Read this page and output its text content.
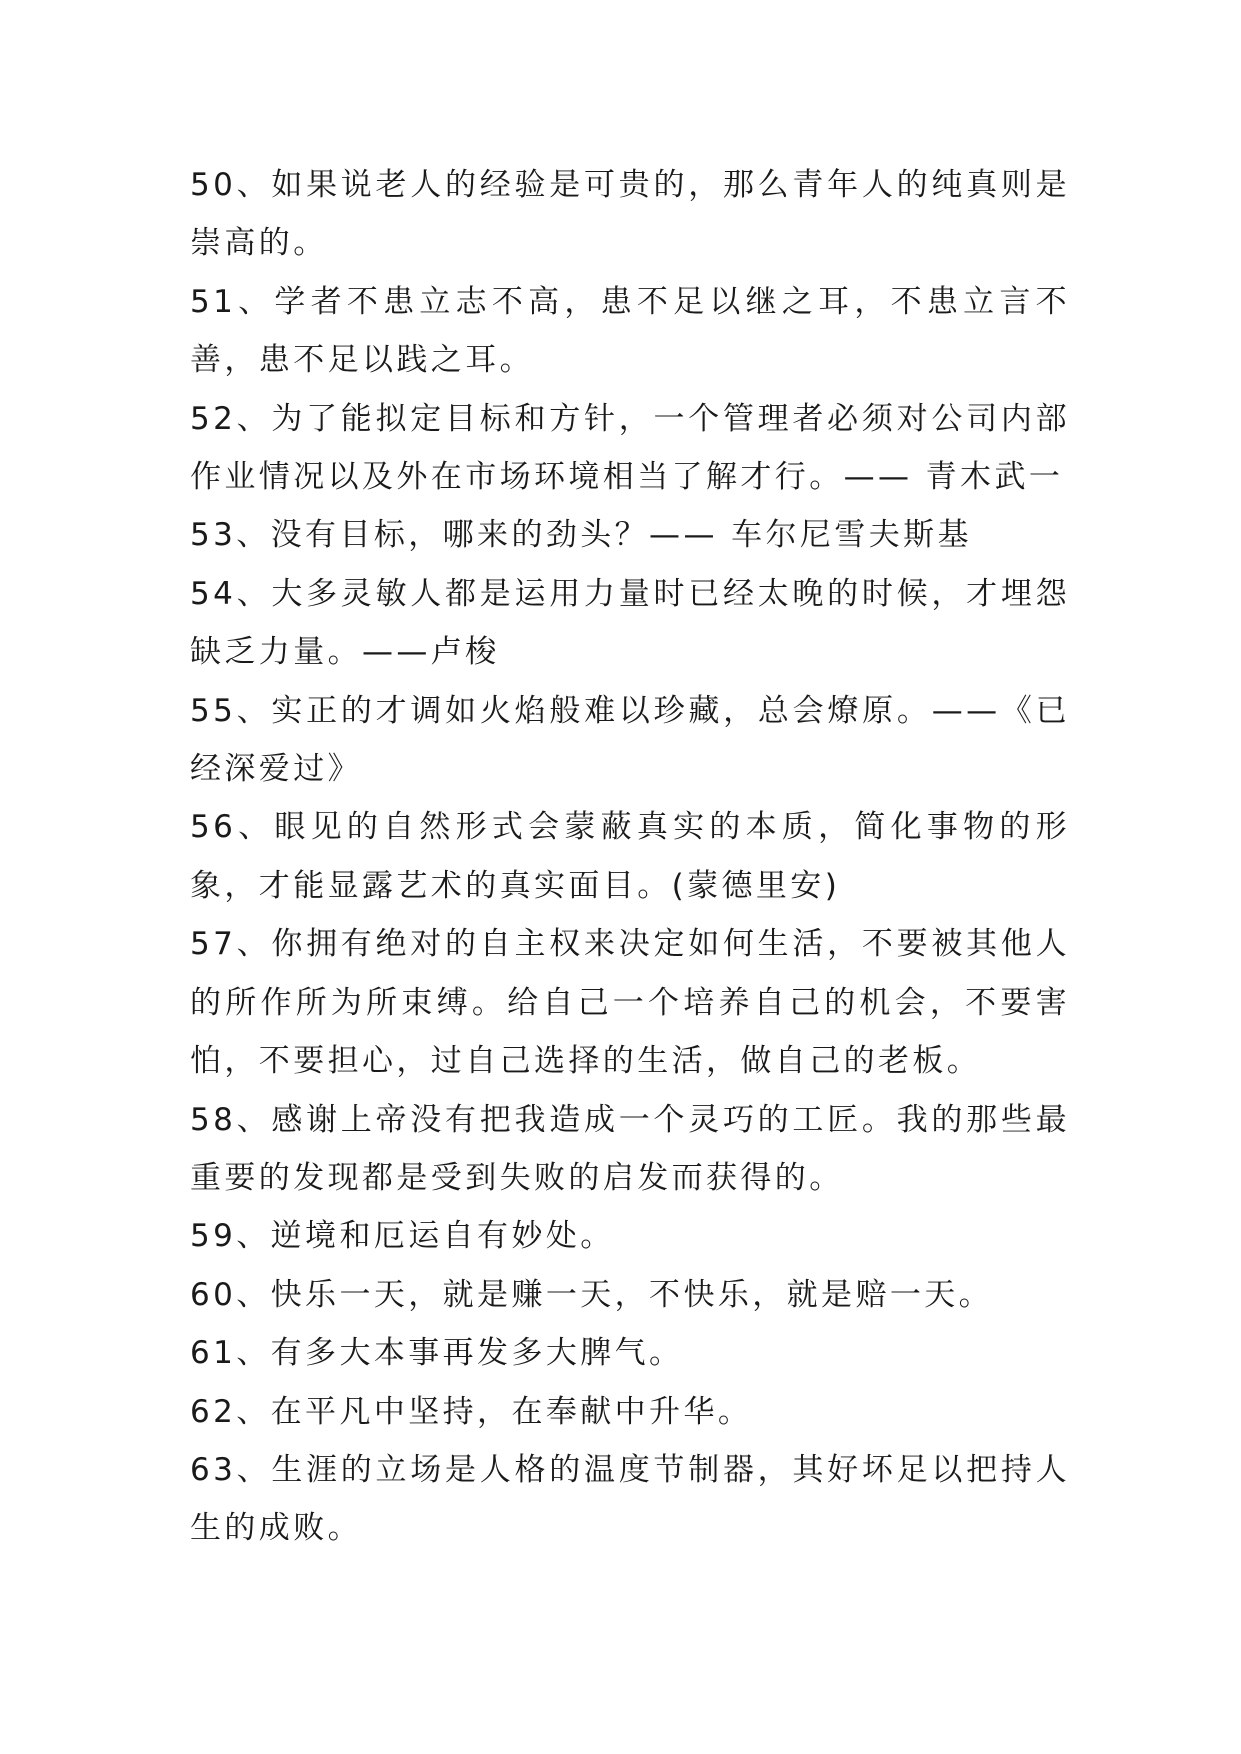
50、如果说老人的经验是可贵的，那么青年人的纯真则是崇高的。

51、学者不患立志不高，患不足以继之耳，不患立言不善，患不足以践之耳。

52、为了能拟定目标和方针，一个管理者必须对公司内部作业情况以及外在市场环境相当了解才行。—— 青木武一

53、没有目标，哪来的劲头？—— 车尔尼雪夫斯基

54、大多灵敏人都是运用力量时已经太晚的时候，才埋怨缺乏力量。——卢梭

55、实正的才调如火焰般难以珍藏，总会燎原。——《已经深爱过》

56、眼见的自然形式会蒙蔽真实的本质，简化事物的形象，才能显露艺术的真实面目。(蒙德里安)

57、你拥有绝对的自主权来决定如何生活，不要被其他人的所作所为所束缚。给自己一个培养自己的机会，不要害怕，不要担心，过自己选择的生活，做自己的老板。

58、感谢上帝没有把我造成一个灵巧的工匠。我的那些最重要的发现都是受到失败的启发而获得的。

59、逆境和厄运自有妙处。

60、快乐一天，就是赚一天，不快乐，就是赔一天。

61、有多大本事再发多大脾气。

62、在平凡中坚持，在奉献中升华。

63、生涯的立场是人格的温度节制器，其好坏足以把持人生的成败。
